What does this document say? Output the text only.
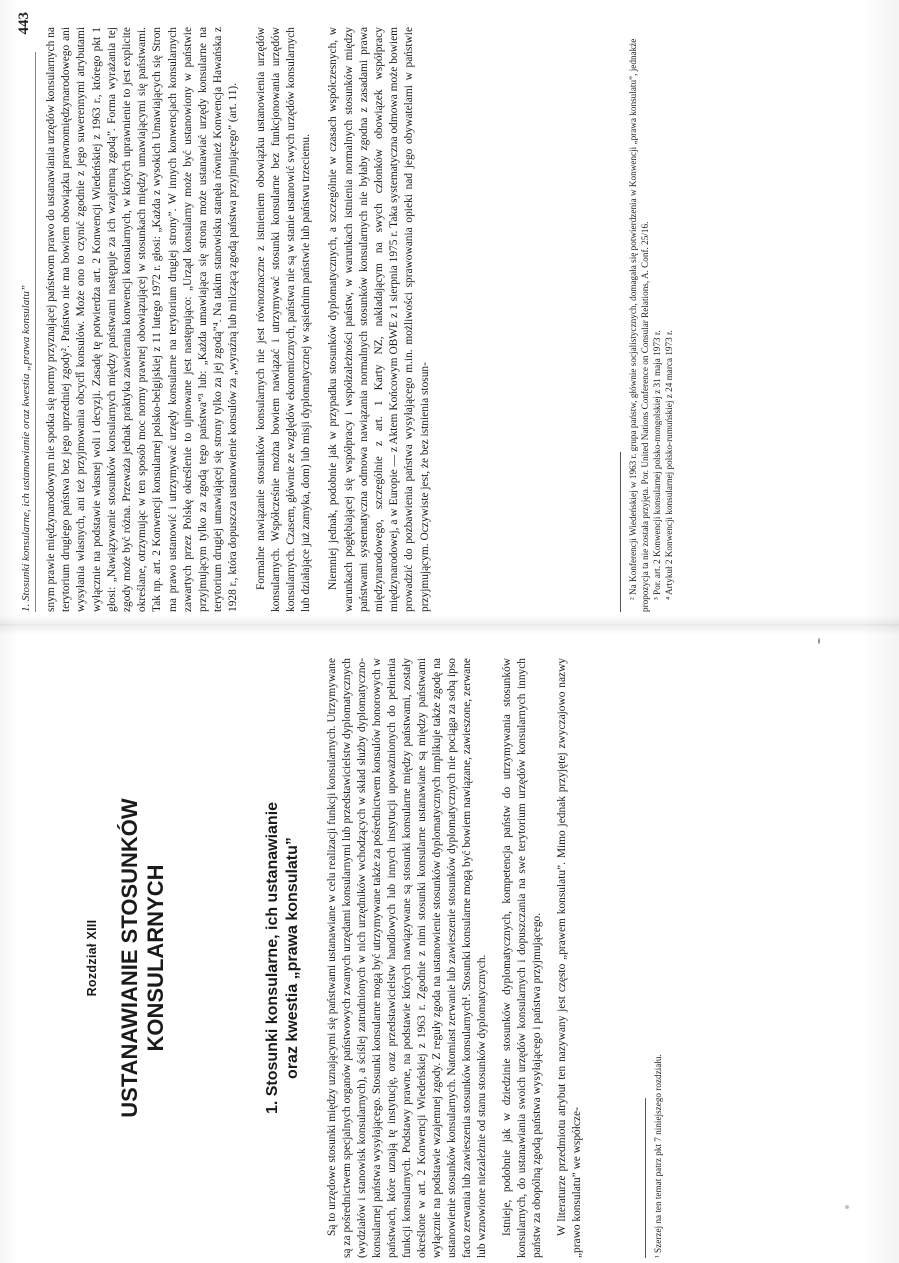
1. Stosunki konsularne, ich ustanawianie oraz kwestia „prawa konsulatu”
443

snym prawie międzynarodowym nie spotka się normy przyznającej państwom prawo do ustanawiania urzędów konsularnych na terytorium drugiego państwa bez jego uprzedniej zgody². Państwo nie ma bowiem obowiązku prawnomiędzynarodowego ani wysyłania własnych, ani też przyjmowania obcych konsulów. Może ono to czynić zgodnie z jego suwerennymi atrybutami wyłącznie na podstawie własnej woli i decyzji. Zasadę tę potwierdza art. 2 Konwencji Wiedeńskiej z 1963 r., którego pkt 1 głosi: „Nawiązywanie stosunków konsularnych między państwami następuje za ich wzajemną zgodą”. Forma wyrażania tej zgody może być różna. Przeważa jednak praktyka zawierania konwencji konsularnych, w których uprawnienie to jest explicite określane, otrzymując w ten sposób moc normy prawnej obowiązującej w stosunkach między umawiającymi się państwami. Tak np. art. 2 Konwencji konsularnej polsko-belgijskiej z 11 lutego 1972 r. głosi: „Każda z wysokich Umawiających się Stron ma prawo ustanowić i utrzymywać urzędy konsularne na terytorium drugiej strony”. W innych konwencjach konsularnych zawartych przez Polskę określenie to ujmowane jest następująco: „Urząd konsularny może być ustanowiony w państwie przyjmującym tylko za zgodą tego państwa”³ lub: „Każda umawiająca się strona może ustanawiać urzędy konsularne na terytorium drugiej umawiającej się strony tylko za jej zgodą”⁴. Na takim stanowisku stanęła również Konwencja Hawańska z 1928 r., która dopuszcza ustanowienie konsulów za „wyraźną lub milczącą zgodą państwa przyjmującego” (art. 11). Formalne nawiązanie stosunków konsularnych nie jest równoznaczne z istnieniem obowiązku ustanowienia urzędów konsularnych. Współcześnie można bowiem nawiązać i utrzymywać stosunki konsularne bez funkcjonowania urzędów konsularnych. Czasem, głównie ze względów ekonomicznych, państwa nie są w stanie ustanowić swych urzędów konsularnych lub działające już zamyka, dom) lub misji dyplomatycznej w sąsiednim państwie lub państwu trzeciemu. Niemniej jednak, podobnie jak w przypadku stosunków dyplomatycznych, a szczególnie w czasach współczesnych, w warunkach pogłębiającej się współpracy i współzależności państw, w warunkach istnienia normalnych stosunków między państwami systematyczna odmowa nawiązania normalnych stosunków konsularnych nie byłaby zgodna z zasadami prawa międzynarodowego, szczególnie z art. 1 Karty NZ, nakładającym na swych członków obowiązek współpracy międzynarodowej, a w Europie — z Aktem Końcowym OBWE z 1 sierpnia 1975 r. Taka systematyczna odmowa może bowiem prowadzić do pozbawienia państwa wysyłającego m.in. możliwości sprawowania opieki nad jego obywatelami w państwie przyjmującym. Oczywiste jest, że bez istnienia stosun-	² Na Konferencji Wiedeńskiej w 1963 r. grupa państw, głównie socjalistycznych, domagała się potwierdzenia w Konwencji „prawa konsulatu”, jednakże propozycja ta nie została przyjęta. Por. United Nations Conference on Consular Relations, A. Conf. 25/16. ³ Por. art. 2 Konwencji konsularnej polsko-mongolskiej z 31 maja 1973 r. ⁴ Artykuł 2 Konwencji konsularnej polsko-rumuńskiej z 24 marca 1973 r.
Rozdział XIII USTANAWIANIE STOSUNKÓW KONSULARNYCH	1. Stosunki konsularne, ich ustanawianie oraz kwestia „prawa konsulatu” Są to urzędowe stosunki między uznającymi się państwami ustanawiane w celu realizacji funkcji konsularnych. Utrzymywane są za pośrednictwem specjalnych organów państwowych zwanych urzędami konsularnymi lub przedstawicielstw dyplomatycznych (wydziałów i stanowisk konsularnych), a ściślej zatrudnionych w nich urzędników wchodzących w skład służby dyplomatyczno-konsularnej państwa wysyłającego. Stosunki konsularne mogą być utrzymywane także za pośrednictwem konsulów honorowych w państwach, które uznają tę instytucję, oraz przedstawicielstw handlowych lub innych instytucji upoważnionych do pełnienia funkcji konsularnych. Podstawy prawne, na podstawie których nawiązywane są stosunki konsularne między państwami, zostały określone w art. 2 Konwencji Wiedeńskiej z 1963 r. Zgodnie z nimi stosunki konsularne ustanawiane są między państwami wyłącznie na podstawie wzajemnej zgody. Z reguły zgoda na ustanowienie stosunków dyplomatycznych implikuje także zgodę na ustanowienie stosunków konsularnych. Natomiast zerwanie lub zawieszenie stosunków dyplomatycznych nie pociąga za sobą ipso facto zerwania lub zawieszenia stosunków konsularnych¹. Stosunki konsularne mogą być bowiem nawiązane, zawieszone, zerwane lub wznowione niezależnie od stanu stosunków dyplomatycznych. Istnieje, podobnie jak w dziedzinie stosunków dyplomatycznych, kompetencja państw do utrzymywania stosunków konsularnych, do ustanawiania swoich urzędów konsularnych i dopuszczania na swe terytorium urzędów konsularnych innych państw za obopólną zgodą państwa wysyłającego i państwa przyjmującego. W literaturze przedmiotu atrybut ten nazywany jest często „prawem konsulatu”. Mimo jednak przyjętej zwyczajowo nazwy „prawo konsulatu” we współcze-	¹ Szerzej na ten temat patrz pkt 7 niniejszego rozdziału.
